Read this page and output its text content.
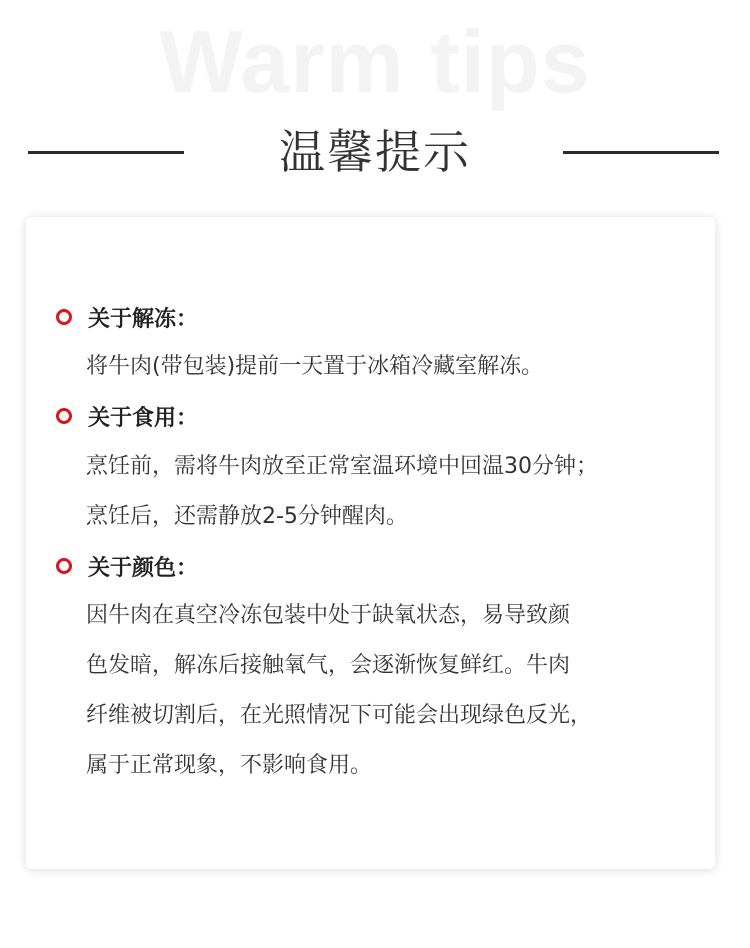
Warm tips
温馨提示
关于解冻：
将牛肉(带包装)提前一天置于冰箱冷藏室解冻。
关于食用：
烹饪前，需将牛肉放至正常室温环境中回温30分钟；
烹饪后，还需静放2-5分钟醒肉。
关于颜色：
因牛肉在真空冷冻包装中处于缺氧状态，易导致颜
色发暗，解冻后接触氧气，会逐渐恢复鲜红。牛肉
纤维被切割后，在光照情况下可能会出现绿色反光，
属于正常现象，不影响食用。
